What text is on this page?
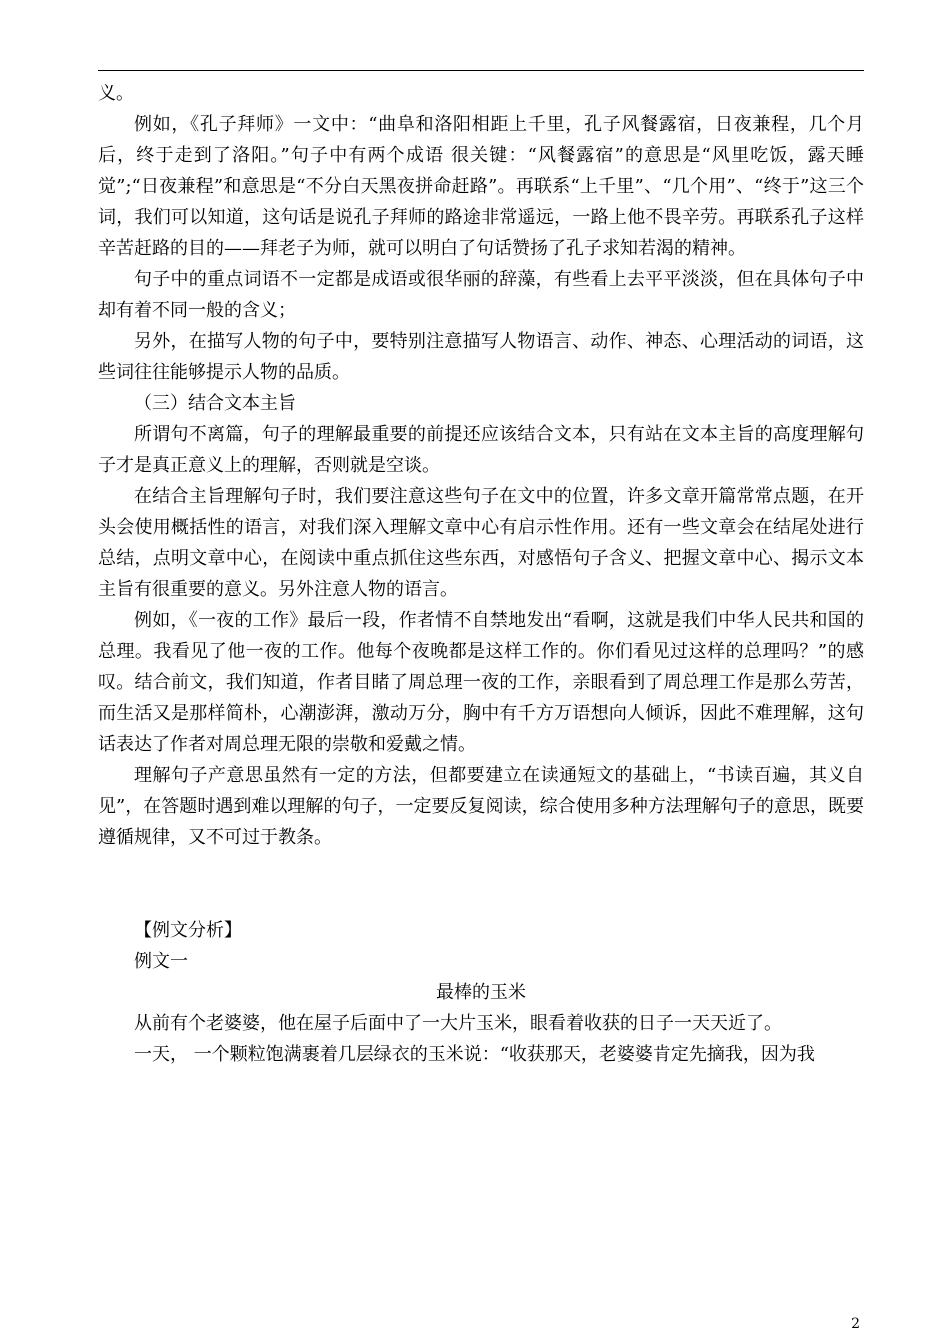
义。

例如，《孔子拜师》一文中：“曲阜和洛阳相距上千里，孔子风餐露宿，日夜兼程，几个月后，终于走到了洛阳。”句子中有两个成语 很关键：“风餐露宿”的意思是“风里吃饭，露天睡觉”;“日夜兼程”和意思是“不分白天黑夜拼命赶路”。再联系“上千里”、“几个用”、“终于”这三个词，我们可以知道，这句话是说孔子拜师的路途非常遥远，一路上他不畏辛劳。再联系孔子这样辛苦赶路的目的——拜老子为师，就可以明白了句话赞扬了孔子求知若渴的精神。

句子中的重点词语不一定都是成语或很华丽的辞藻，有些看上去平平淡淡，但在具体句子中却有着不同一般的含义；

另外，在描写人物的句子中，要特别注意描写人物语言、动作、神态、心理活动的词语，这些词往往能够提示人物的品质。

（三）结合文本主旨

所谓句不离篇，句子的理解最重要的前提还应该结合文本，只有站在文本主旨的高度理解句子才是真正意义上的理解，否则就是空谈。

在结合主旨理解句子时，我们要注意这些句子在文中的位置，许多文章开篇常常点题，在开头会使用概括性的语言，对我们深入理解文章中心有启示性作用。还有一些文章会在结尾处进行总结，点明文章中心，在阅读中重点抓住这些东西，对感悟句子含义、把握文章中心、揭示文本主旨有很重要的意义。另外注意人物的语言。

例如，《一夜的工作》最后一段，作者情不自禁地发出“看啊，这就是我们中华人民共和国的总理。我看见了他一夜的工作。他每个夜晚都是这样工作的。你们看见过这样的总理吗？”的感叹。结合前文，我们知道，作者目睹了周总理一夜的工作，亲眼看到了周总理工作是那么劳苦，而生活又是那样简朴，心潮澎湃，激动万分，胸中有千方万语想向人倾诉，因此不难理解，这句话表达了作者对周总理无限的崇敬和爱戴之情。

理解句子产意思虽然有一定的方法，但都要建立在读通短文的基础上，“书读百遍，其义自见”，在答题时遇到难以理解的句子，一定要反复阅读，综合使用多种方法理解句子的意思，既要遵循规律，又不可过于教条。

【例文分析】

例文一

最棒的玉米

从前有个老婆婆，他在屋子后面中了一大片玉米，眼看着收获的日子一天天近了。

一天， 一个颗粒饱满裹着几层绿衣的玉米说：“收获那天，老婆婆肯定先摘我，因为我

2
